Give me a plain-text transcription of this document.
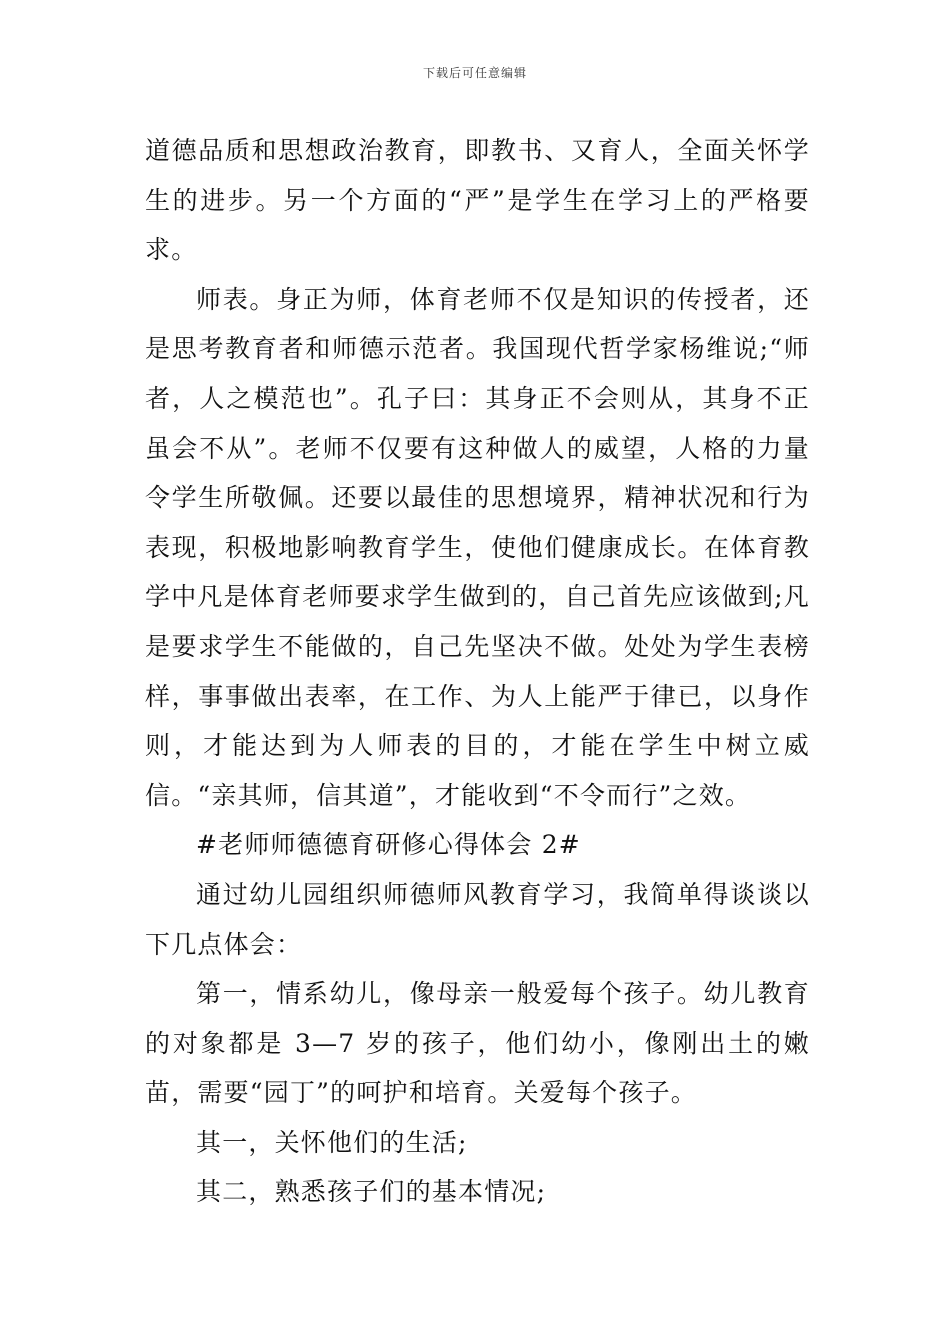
下载后可任意编辑

道德品质和思想政治教育，即教书、又育人，全面关怀学生的进步。另一个方面的“严”是学生在学习上的严格要求。

师表。身正为师，体育老师不仅是知识的传授者，还是思考教育者和师德示范者。我国现代哲学家杨维说;“师者，人之模范也”。孔子曰：其身正不会则从，其身不正虽会不从”。老师不仅要有这种做人的威望，人格的力量令学生所敬佩。还要以最佳的思想境界，精神状况和行为表现，积极地影响教育学生，使他们健康成长。在体育教学中凡是体育老师要求学生做到的，自己首先应该做到;凡是要求学生不能做的，自己先坚决不做。处处为学生表榜样，事事做出表率，在工作、为人上能严于律已，以身作则，才能达到为人师表的目的，才能在学生中树立威信。“亲其师，信其道”，才能收到“不令而行”之效。

#老师师德德育研修心得体会 2#

通过幼儿园组织师德师风教育学习，我简单得谈谈以下几点体会：

第一，情系幼儿，像母亲一般爱每个孩子。幼儿教育的对象都是 3—7 岁的孩子，他们幼小，像刚出土的嫩苗，需要“园丁”的呵护和培育。关爱每个孩子。

其一，关怀他们的生活;

其二，熟悉孩子们的基本情况;
